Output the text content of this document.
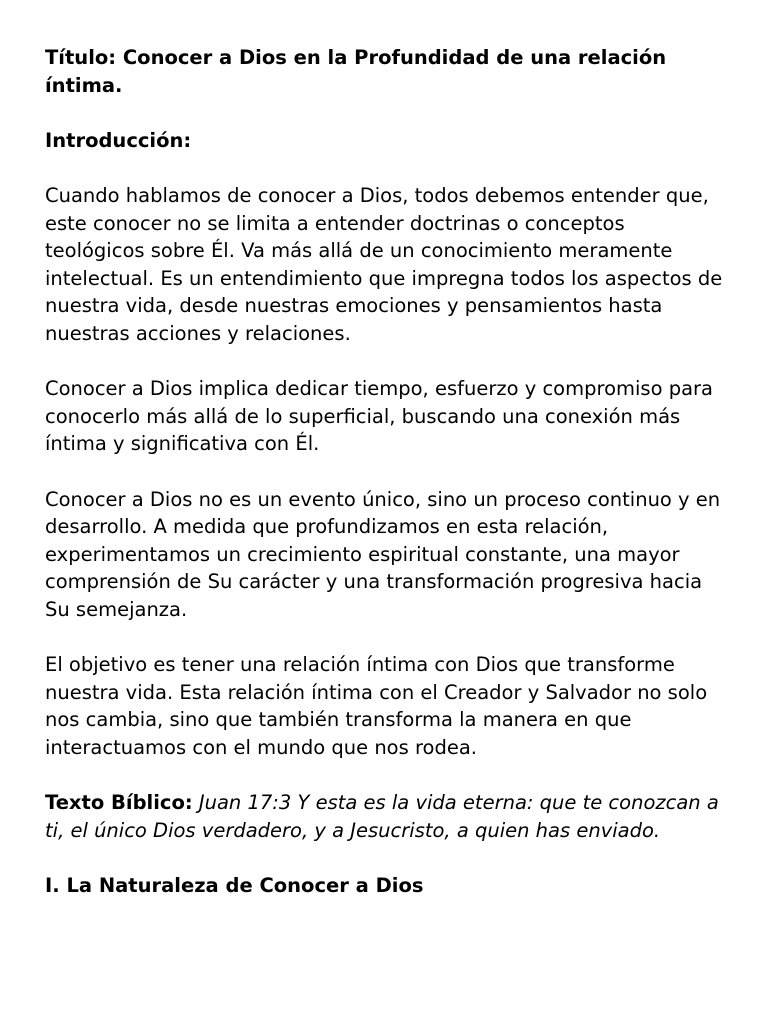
Título: Conocer a Dios en la Profundidad de una relación íntima.
Introducción:

Cuando hablamos de conocer a Dios, todos debemos entender que, este conocer no se limita a entender doctrinas o conceptos teológicos sobre Él. Va más allá de un conocimiento meramente intelectual. Es un entendimiento que impregna todos los aspectos de nuestra vida, desde nuestras emociones y pensamientos hasta nuestras acciones y relaciones.

Conocer a Dios implica dedicar tiempo, esfuerzo y compromiso para conocerlo más allá de lo superficial, buscando una conexión más íntima y significativa con Él.

Conocer a Dios no es un evento único, sino un proceso continuo y en desarrollo. A medida que profundizamos en esta relación, experimentamos un crecimiento espiritual constante, una mayor comprensión de Su carácter y una transformación progresiva hacia Su semejanza.

El objetivo es tener una relación íntima con Dios que transforme nuestra vida. Esta relación íntima con el Creador y Salvador no solo nos cambia, sino que también transforma la manera en que interactuamos con el mundo que nos rodea.

Texto Bíblico: Juan 17:3 Y esta es la vida eterna: que te conozcan a ti, el único Dios verdadero, y a Jesucristo, a quien has enviado.

I. La Naturaleza de Conocer a Dios
